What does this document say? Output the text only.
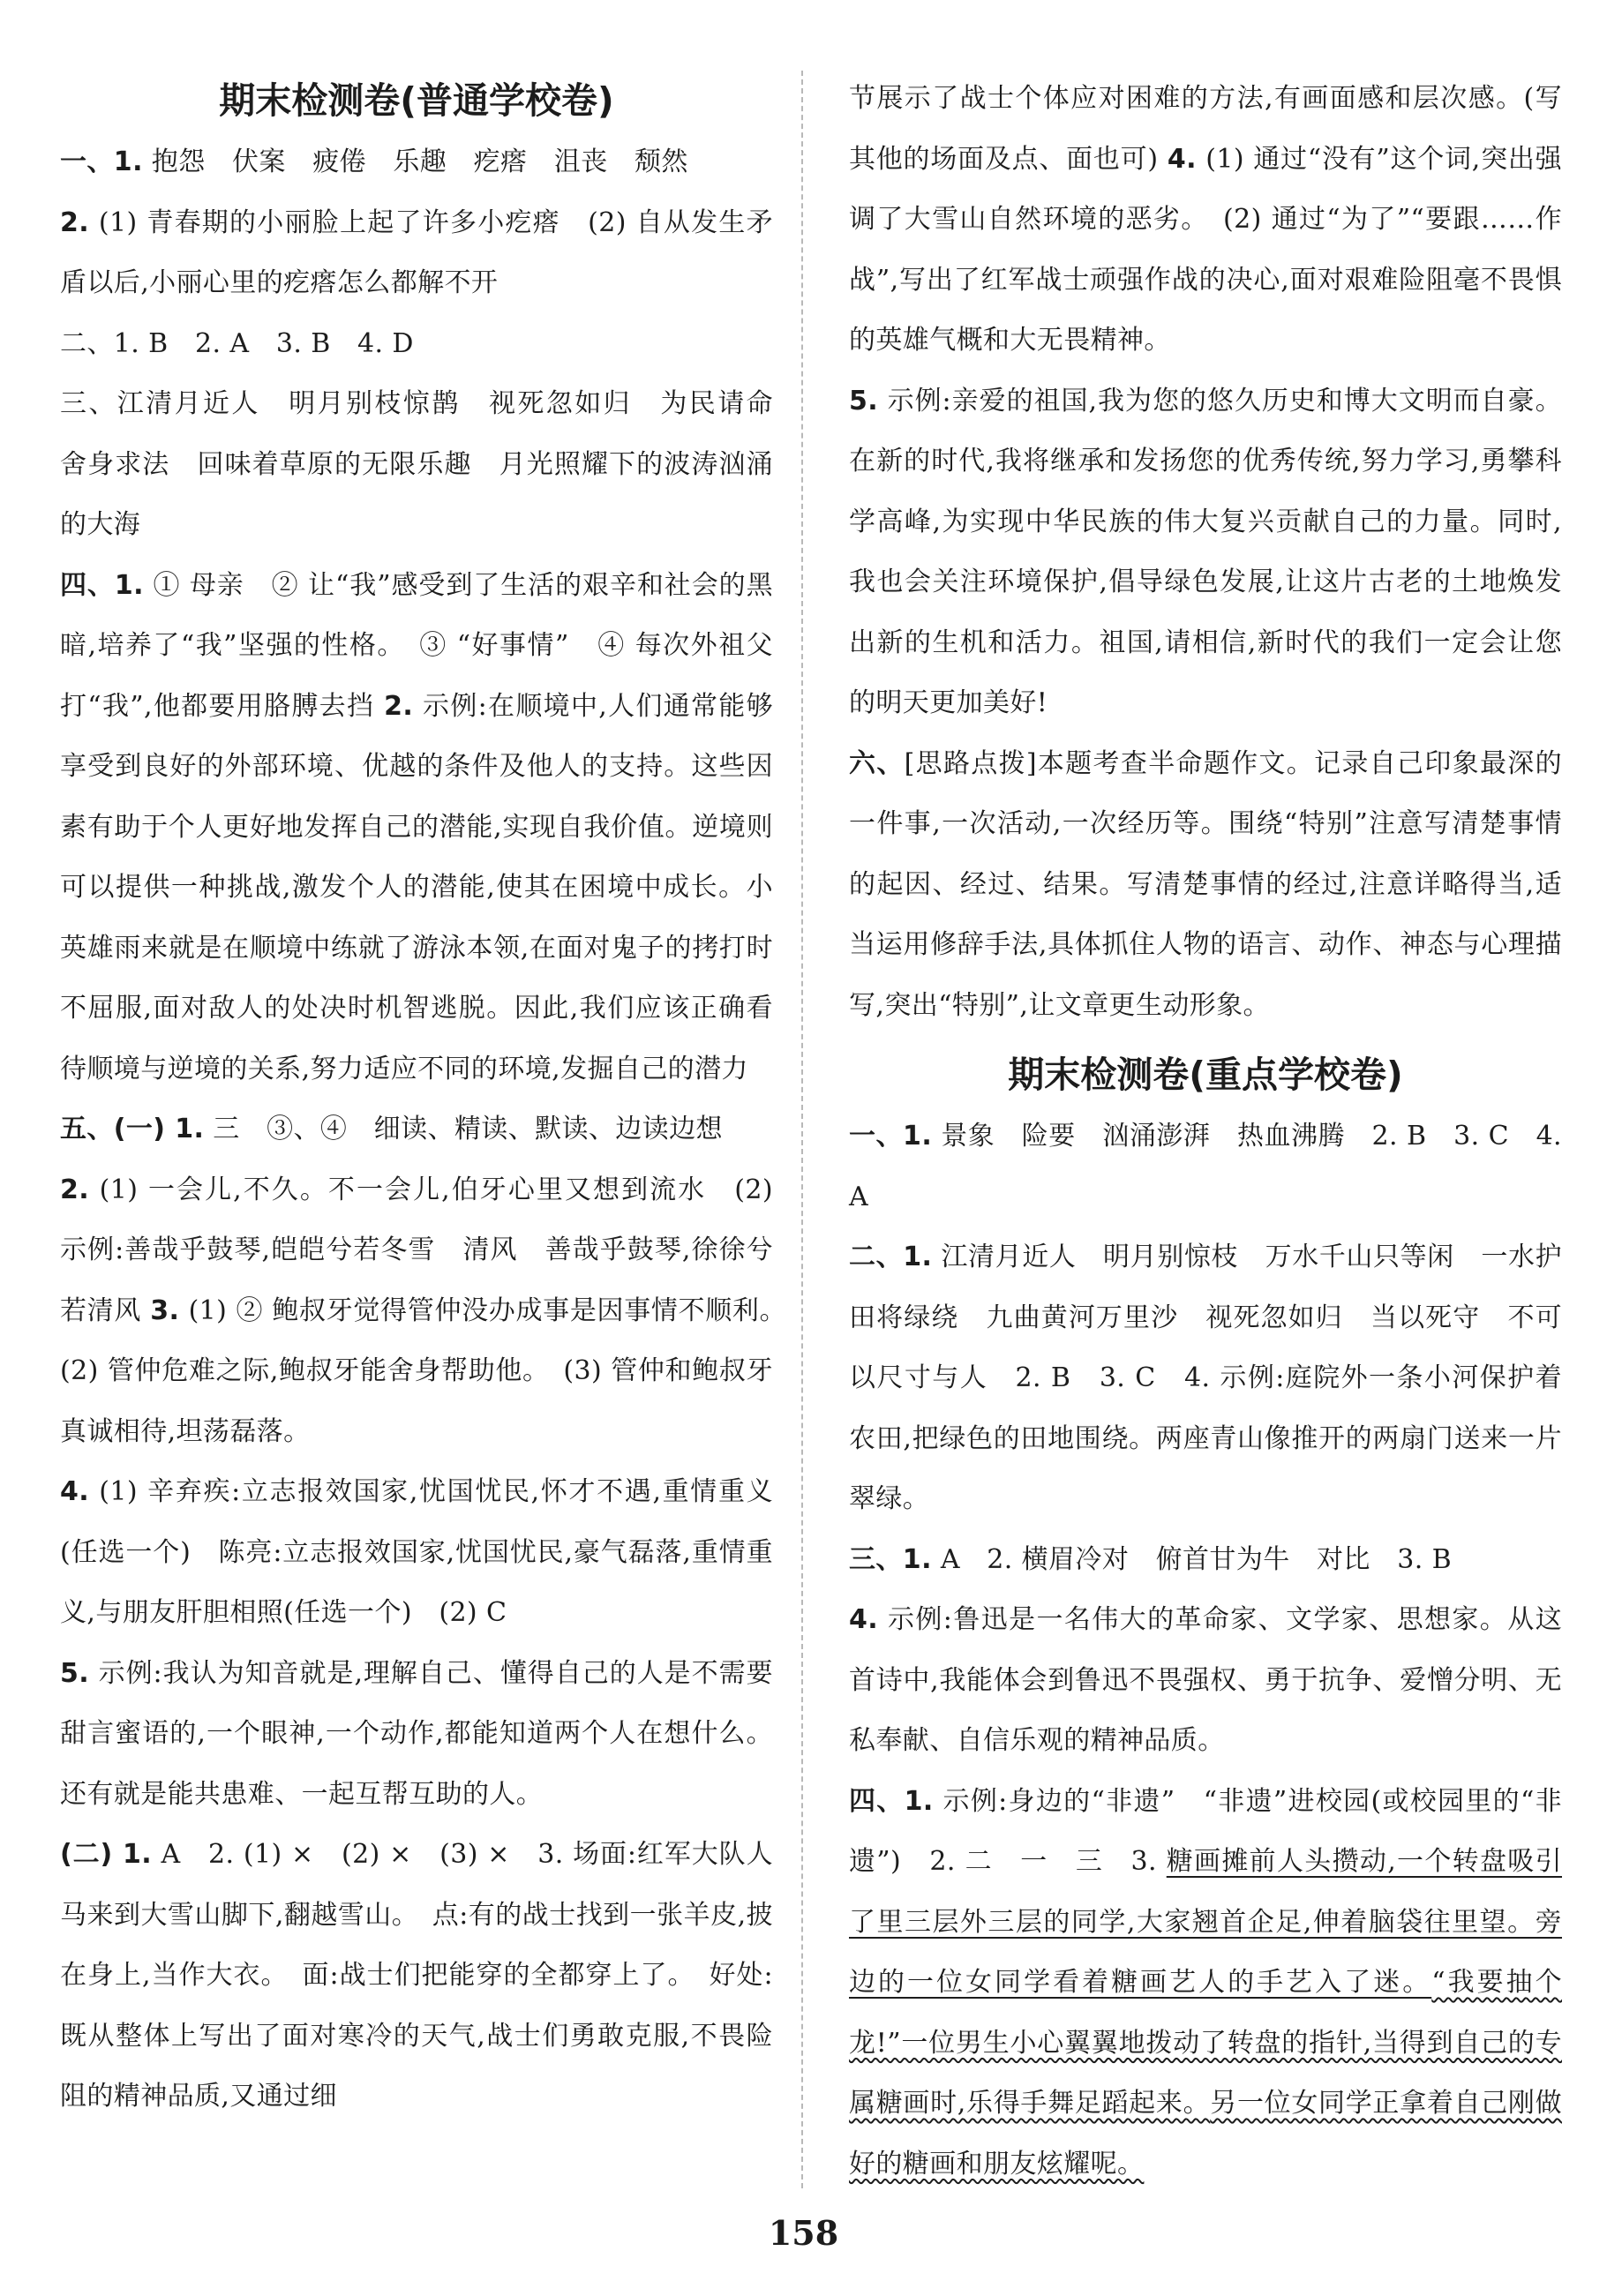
期末检测卷(普通学校卷)

一、1. 抱怨　伏案　疲倦　乐趣　疙瘩　沮丧　颓然

2. (1) 青春期的小丽脸上起了许多小疙瘩　(2) 自从发生矛盾以后,小丽心里的疙瘩怎么都解不开

二、1. B　2. A　3. B　4. D

三、江清月近人　明月别枝惊鹊　视死忽如归　为民请命　舍身求法　回味着草原的无限乐趣　月光照耀下的波涛汹涌的大海

四、1. ① 母亲　② 让“我”感受到了生活的艰辛和社会的黑暗,培养了“我”坚强的性格。　③ “好事情”　④ 每次外祖父打“我”,他都要用胳膊去挡 2. 示例:在顺境中,人们通常能够享受到良好的外部环境、优越的条件及他人的支持。这些因素有助于个人更好地发挥自己的潜能,实现自我价值。逆境则可以提供一种挑战,激发个人的潜能,使其在困境中成长。小英雄雨来就是在顺境中练就了游泳本领,在面对鬼子的拷打时不屈服,面对敌人的处决时机智逃脱。因此,我们应该正确看待顺境与逆境的关系,努力适应不同的环境,发掘自己的潜力

五、(一) 1. 三　③、④　细读、精读、默读、边读边想

2. (1) 一会儿,不久。不一会儿,伯牙心里又想到流水　(2) 示例:善哉乎鼓琴,皑皑兮若冬雪　清风　善哉乎鼓琴,徐徐兮若清风 3. (1) ② 鲍叔牙觉得管仲没办成事是因事情不顺利。　(2) 管仲危难之际,鲍叔牙能舍身帮助他。　(3) 管仲和鲍叔牙真诚相待,坦荡磊落。

4. (1) 辛弃疾:立志报效国家,忧国忧民,怀才不遇,重情重义(任选一个)　陈亮:立志报效国家,忧国忧民,豪气磊落,重情重义,与朋友肝胆相照(任选一个)　(2) C

5. 示例:我认为知音就是,理解自己、懂得自己的人是不需要甜言蜜语的,一个眼神,一个动作,都能知道两个人在想什么。还有就是能共患难、一起互帮互助的人。

(二) 1. A　2. (1) ×　(2) ×　(3) ×　3. 场面:红军大队人马来到大雪山脚下,翻越雪山。　点:有的战士找到一张羊皮,披在身上,当作大衣。　面:战士们把能穿的全都穿上了。　好处:既从整体上写出了面对寒冷的天气,战士们勇敢克服,不畏险阻的精神品质,又通过细

节展示了战士个体应对困难的方法,有画面感和层次感。(写其他的场面及点、面也可) 4. (1) 通过“没有”这个词,突出强调了大雪山自然环境的恶劣。　(2) 通过“为了”“要跟……作战”,写出了红军战士顽强作战的决心,面对艰难险阻毫不畏惧的英雄气概和大无畏精神。

5. 示例:亲爱的祖国,我为您的悠久历史和博大文明而自豪。在新的时代,我将继承和发扬您的优秀传统,努力学习,勇攀科学高峰,为实现中华民族的伟大复兴贡献自己的力量。同时,我也会关注环境保护,倡导绿色发展,让这片古老的土地焕发出新的生机和活力。祖国,请相信,新时代的我们一定会让您的明天更加美好!

六、[思路点拨]本题考查半命题作文。记录自己印象最深的一件事,一次活动,一次经历等。围绕“特别”注意写清楚事情的起因、经过、结果。写清楚事情的经过,注意详略得当,适当运用修辞手法,具体抓住人物的语言、动作、神态与心理描写,突出“特别”,让文章更生动形象。

期末检测卷(重点学校卷)

一、1. 景象　险要　汹涌澎湃　热血沸腾　2. B　3. C　4. A

二、1. 江清月近人　明月别惊枝　万水千山只等闲　一水护田将绿绕　九曲黄河万里沙　视死忽如归　当以死守　不可以尺寸与人　2. B　3. C　4. 示例:庭院外一条小河保护着农田,把绿色的田地围绕。两座青山像推开的两扇门送来一片翠绿。

三、1. A　2. 横眉冷对　俯首甘为牛　对比　3. B

4. 示例:鲁迅是一名伟大的革命家、文学家、思想家。从这首诗中,我能体会到鲁迅不畏强权、勇于抗争、爱憎分明、无私奉献、自信乐观的精神品质。

四、1. 示例:身边的“非遗”　“非遗”进校园(或校园里的“非遗”)　2. 二　一　三　3. 糖画摊前人头攒动,一个转盘吸引了里三层外三层的同学,大家翘首企足,伸着脑袋往里望。旁边的一位女同学看着糖画艺人的手艺入了迷。“我要抽个龙!”一位男生小心翼翼地拨动了转盘的指针,当得到自己的专属糖画时,乐得手舞足蹈起来。另一位女同学正拿着自己刚做好的糖画和朋友炫耀呢。

158
